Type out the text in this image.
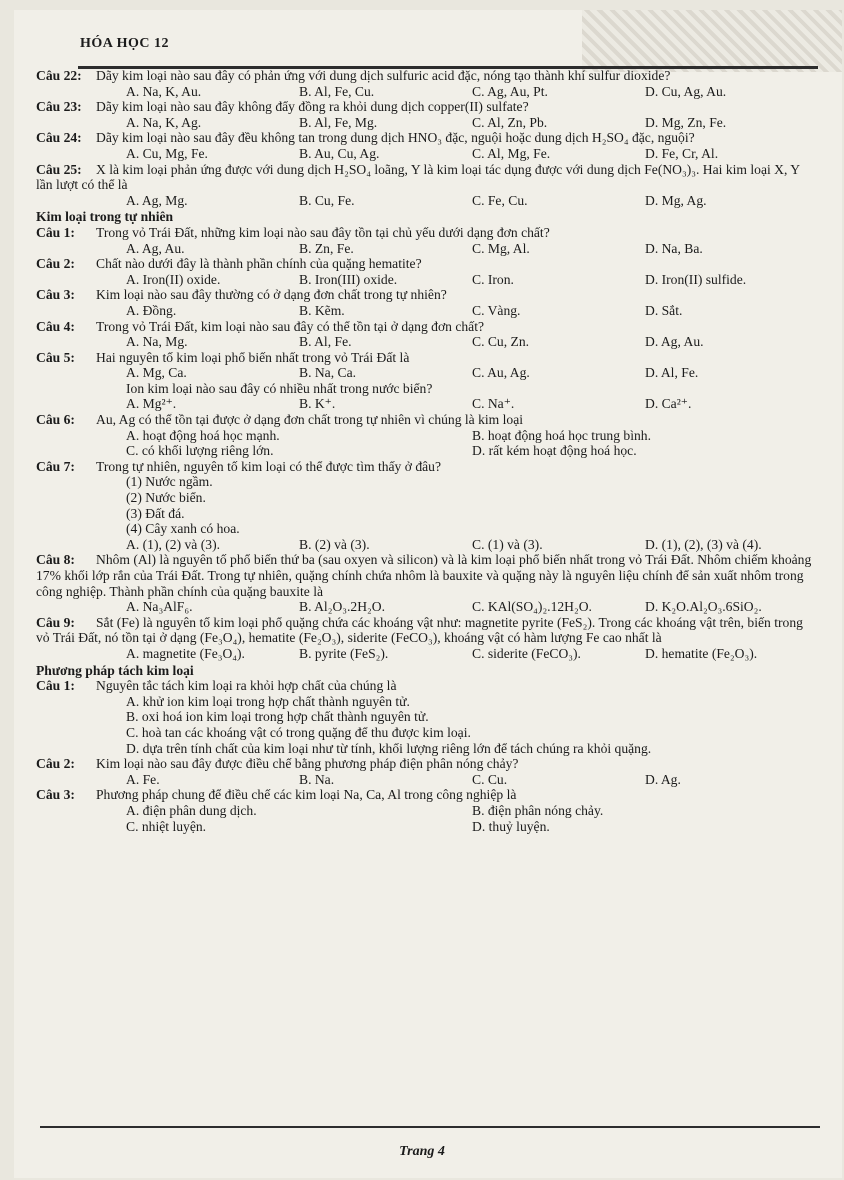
HÓA HỌC 12
Câu 22: Dãy kim loại nào sau đây có phản ứng với dung dịch sulfuric acid đặc, nóng tạo thành khí sulfur dioxide?
A. Na, K, Au.	B. Al, Fe, Cu.	C. Ag, Au, Pt.	D. Cu, Ag, Au.
Câu 23: Dãy kim loại nào sau đây không đẩy đồng ra khỏi dung dịch copper(II) sulfate?
A. Na, K, Ag.	B. Al, Fe, Mg.	C. Al, Zn, Pb.	D. Mg, Zn, Fe.
Câu 24: Dãy kim loại nào sau đây đều không tan trong dung dịch HNO₃ đặc, nguội hoặc dung dịch H₂SO₄ đặc, nguội?
A. Cu, Mg, Fe.	B. Au, Cu, Ag.	C. Al, Mg, Fe.	D. Fe, Cr, Al.
Câu 25: X là kim loại phản ứng được với dung dịch H₂SO₄ loãng, Y là kim loại tác dụng được với dung dịch Fe(NO₃)₃. Hai kim loại X, Y lần lượt có thể là
A. Ag, Mg.	B. Cu, Fe.	C. Fe, Cu.	D. Mg, Ag.
Kim loại trong tự nhiên
Câu 1: Trong vỏ Trái Đất, những kim loại nào sau đây tồn tại chủ yếu dưới dạng đơn chất?
A. Ag, Au.	B. Zn, Fe.	C. Mg, Al.	D. Na, Ba.
Câu 2: Chất nào dưới đây là thành phần chính của quặng hematite?
A. Iron(II) oxide.	B. Iron(III) oxide.	C. Iron.	D. Iron(II) sulfide.
Câu 3: Kim loại nào sau đây thường có ở dạng đơn chất trong tự nhiên?
A. Đồng.	B. Kẽm.	C. Vàng.	D. Sắt.
Câu 4: Trong vỏ Trái Đất, kim loại nào sau đây có thể tồn tại ở dạng đơn chất?
A. Na, Mg.	B. Al, Fe.	C. Cu, Zn.	D. Ag, Au.
Câu 5: Hai nguyên tố kim loại phổ biến nhất trong vỏ Trái Đất là
A. Mg, Ca.	B. Na, Ca.	C. Au, Ag.	D. Al, Fe.
Ion kim loại nào sau đây có nhiều nhất trong nước biển?
A. Mg²⁺.	B. K⁺.	C. Na⁺.	D. Ca²⁺.
Câu 6: Au, Ag có thể tồn tại được ở dạng đơn chất trong tự nhiên vì chúng là kim loại
A. hoạt động hoá học mạnh.	B. hoạt động hoá học trung bình.
C. có khối lượng riêng lớn.	D. rất kém hoạt động hoá học.
Câu 7: Trong tự nhiên, nguyên tố kim loại có thể được tìm thấy ở đâu?
(1) Nước ngầm.
(2) Nước biển.
(3) Đất đá.
(4) Cây xanh có hoa.
A. (1), (2) và (3).	B. (2) và (3).	C. (1) và (3).	D. (1), (2), (3) và (4).
Câu 8: Nhôm (Al) là nguyên tố phổ biến thứ ba (sau oxyen và silicon) và là kim loại phổ biến nhất trong vỏ Trái Đất. Nhôm chiếm khoảng 17% khối lớp rắn của Trái Đất. Trong tự nhiên, quặng chính chứa nhôm là bauxite và quặng này là nguyên liệu chính để sản xuất nhôm trong công nghiệp. Thành phần chính của quặng bauxite là
A. Na₃AlF₆.	B. Al₂O₃.2H₂O.	C. KAl(SO₄)₂.12H₂O.	D. K₂O.Al₂O₃.6SiO₂.
Câu 9: Sắt (Fe) là nguyên tố kim loại phổ quặng chứa các khoáng vật như: magnetite pyrite (FeS₂). Trong các khoáng vật trên, biến trong vỏ Trái Đất, nó tồn tại ở dạng (Fe₃O₄), hematite (Fe₂O₃), siderite (FeCO₃), khoáng vật có hàm lượng Fe cao nhất là
A. magnetite (Fe₃O₄).	B. pyrite (FeS₂).	C. siderite (FeCO₃).	D. hematite (Fe₂O₃).
Phương pháp tách kim loại
Câu 1: Nguyên tắc tách kim loại ra khỏi hợp chất của chúng là
A. khử ion kim loại trong hợp chất thành nguyên tử.
B. oxi hoá ion kim loại trong hợp chất thành nguyên tử.
C. hoà tan các khoáng vật có trong quặng để thu được kim loại.
D. dựa trên tính chất của kim loại như từ tính, khối lượng riêng lớn để tách chúng ra khỏi quặng.
Câu 2: Kim loại nào sau đây được điều chế bằng phương pháp điện phân nóng chảy?
A. Fe.	B. Na.	C. Cu.	D. Ag.
Câu 3: Phương pháp chung để điều chế các kim loại Na, Ca, Al trong công nghiệp là
A. điện phân dung dịch.	B. điện phân nóng chảy.
C. nhiệt luyện.	D. thuỷ luyện.
Trang 4
